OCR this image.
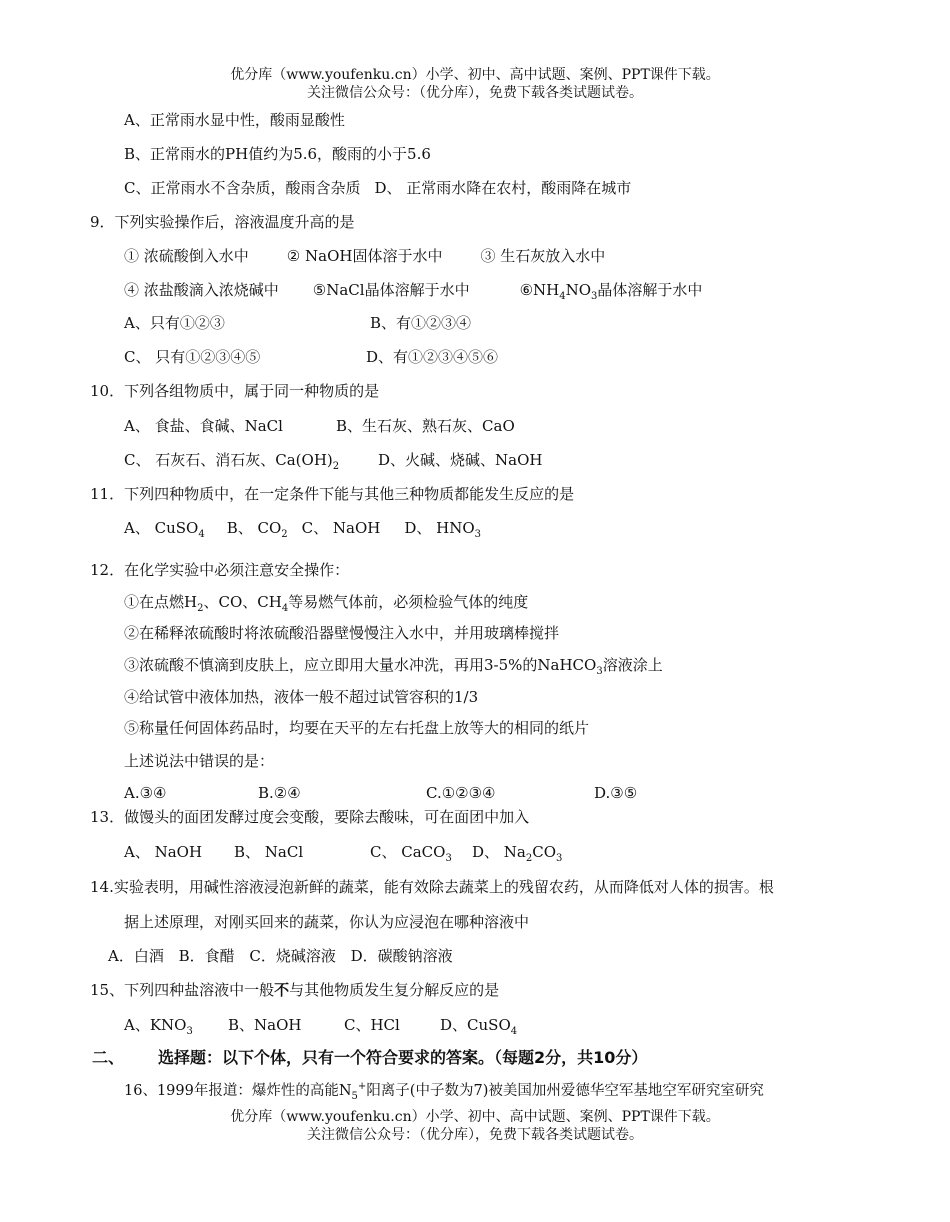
优分库（www.youfenku.cn）小学、初中、高中试题、案例、PPT课件下载。
关注微信公众号：（优分库），免费下载各类试题试卷。
A、正常雨水显中性，酸雨显酸性
B、正常雨水的PH值约为5.6，酸雨的小于5.6
C、正常雨水不含杂质，酸雨含杂质 D、 正常雨水降在农村，酸雨降在城市
9．下列实验操作后，溶液温度升高的是
① 浓硫酸倒入水中	② NaOH固体溶于水中	③ 生石灰放入水中
④ 浓盐酸滴入浓烧碱中 ⑤NaCl晶体溶解于水中	$⑥NH_4NO_3$晶体溶解于水中
A、只有①②③	B、有①②③④
C、 只有①②③④⑤	D、有①②③④⑤⑥
10．下列各组物质中，属于同一种物质的是
A、 食盐、食碱、NaCl	B、生石灰、熟石灰、CaO
C、 石灰石、消石灰、$Ca(OH)_2$	D、火碱、烧碱、NaOH
11．下列四种物质中，在一定条件下能与其他三种物质都能发生反应的是
A、 CuSO$_4$ B、 $CO_2$ C、 NaOH D、 $HNO_3$
12．在化学实验中必须注意安全操作：
①在点燃$H_2$、CO、$CH_4$等易燃气体前，必须检验气体的纯度
②在稀释浓硫酸时将浓硫酸沿器壁慢慢注入水中，并用玻璃棒搅拌
③浓硫酸不慎滴到皮肤上，应立即用大量水冲洗，再用3-5%的NaHCO$_3$溶液涂上
④给试管中液体加热，液体一般不超过试管容积的1/3
⑤称量任何固体药品时，均要在天平的左右托盘上放等大的相同的纸片
上述说法中错误的是：
A.③④	B.②④	C.①②③④	D.③⑤
13．做馒头的面团发酵过度会变酸，要除去酸味，可在面团中加入
A、 NaOH B、 NaCl	C、 CaCO$_3$ D、 $Na_2CO_3$
14.实验表明，用碱性溶液浸泡新鲜的蔬菜，能有效除去蔬菜上的残留农药，从而降低对人体的损害。根
据上述原理，对刚买回来的蔬菜，你认为应浸泡在哪种溶液中
A．白酒 B．食醋 C．烧碱溶液 D．碳酸钠溶液
15、下列四种盐溶液中一般不与其他物质发生复分解反应的是
A、$KNO_3$ B、NaOH	C、HCl	D、CuSO$_4$
二、 选择题：以下个体，只有一个符合要求的答案。（每题2分，共10分）
16、1999年报道：爆炸性的高能$N_5^+$阳离子(中子数为7)被美国加州爱德华空军基地空军研究室研究
优分库（www.youfenku.cn）小学、初中、高中试题、案例、PPT课件下载。
关注微信公众号：（优分库），免费下载各类试题试卷。
